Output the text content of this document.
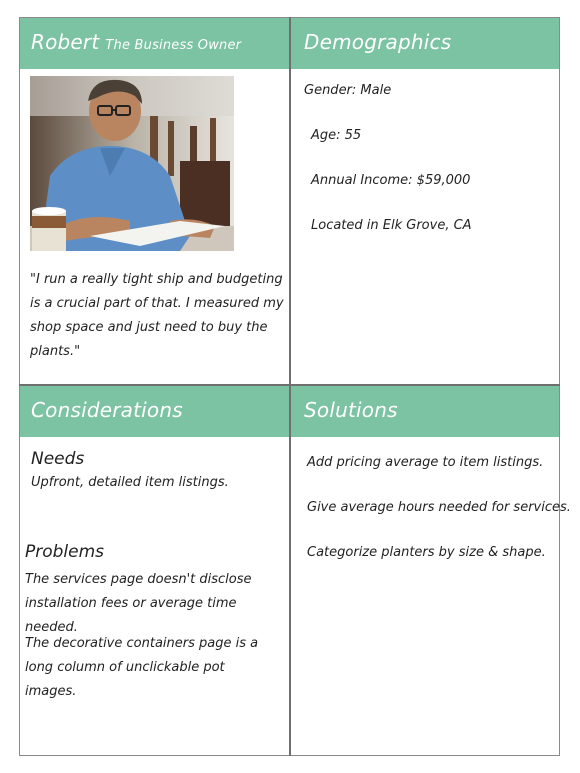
Robert The Business Owner	Demographics
"I run a really tight ship and budgeting is a crucial part of that. I measured my shop space and just need to buy the plants."
Gender: Male
Age: 55
Annual Income: $59,000
Located in Elk Grove, CA
Considerations	Solutions
Needs
Upfront, detailed item listings.
Problems
The services page doesn't disclose installation fees or average time needed.
The decorative containers page is a long column of unclickable pot images.
Add pricing average to item listings.
Give average hours needed for services.
Categorize planters by size & shape.
